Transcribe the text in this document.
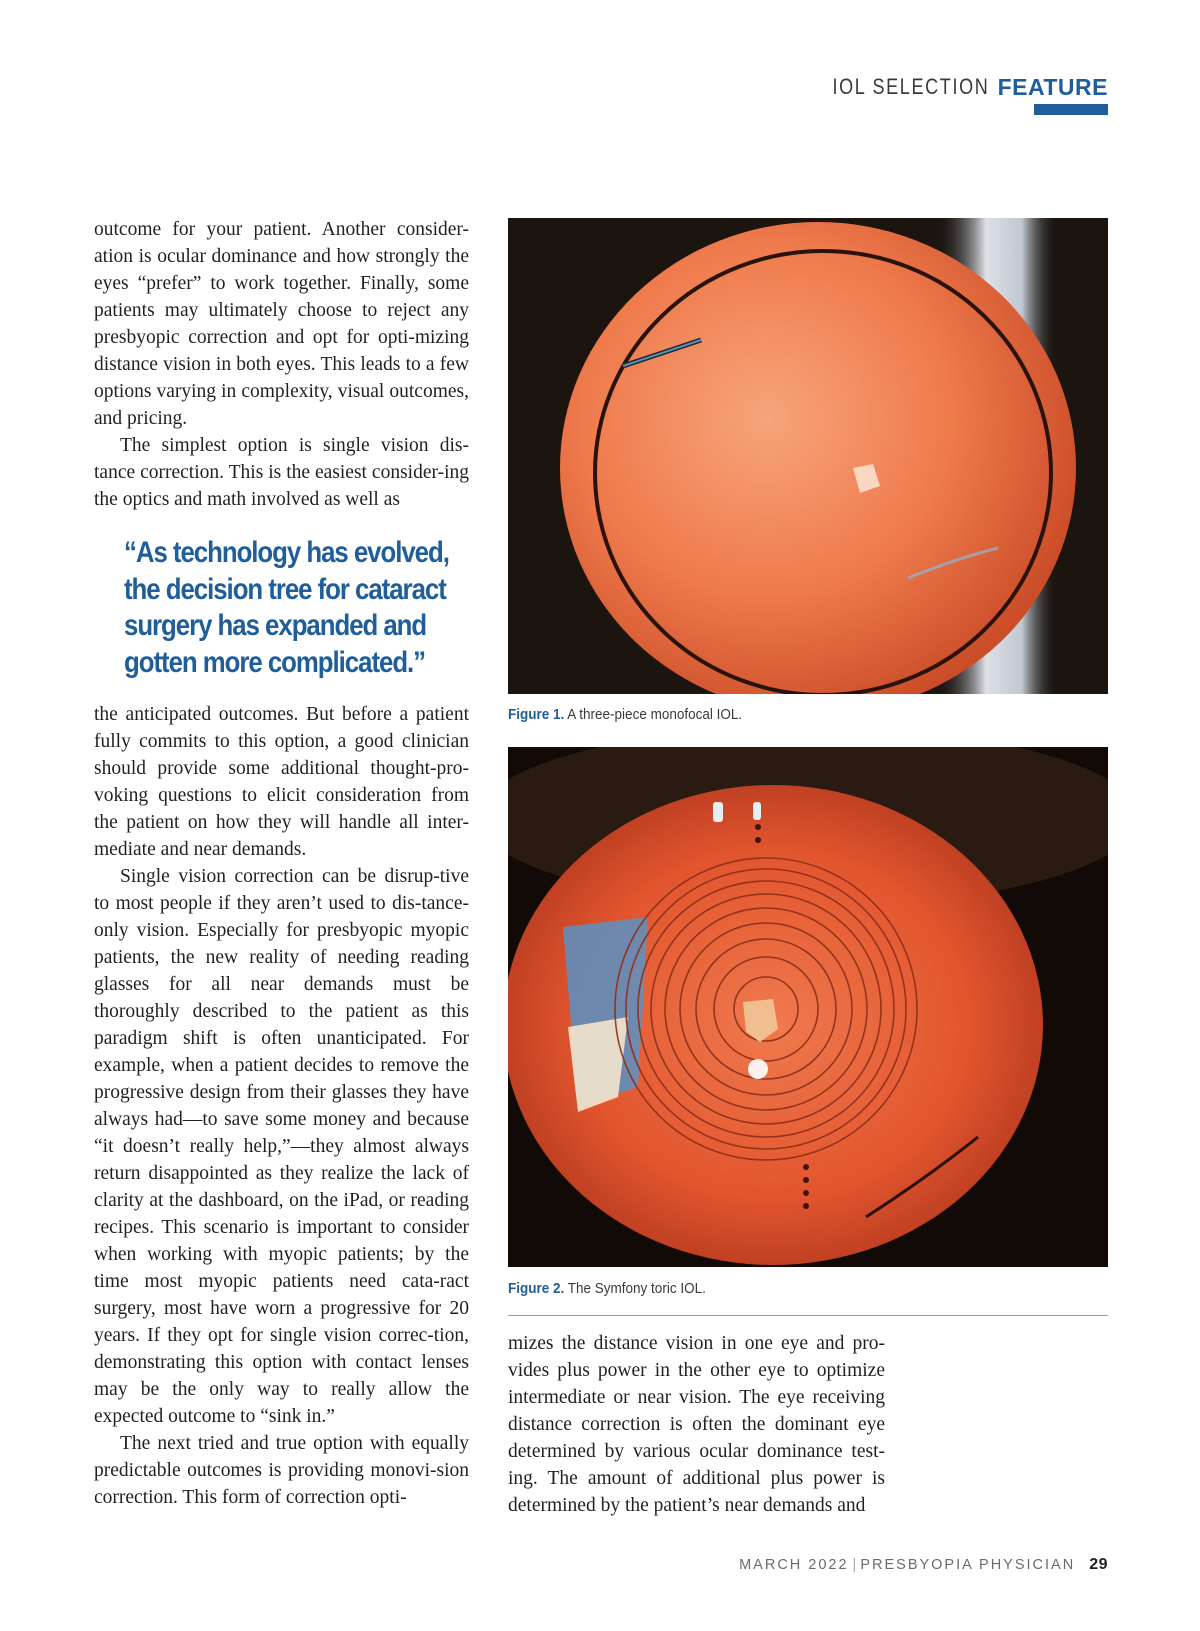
IOL SELECTION FEATURE

outcome for your patient. Another consider-ation is ocular dominance and how strongly the eyes “prefer” to work together. Finally, some patients may ultimately choose to reject any presbyopic correction and opt for opti-mizing distance vision in both eyes. This leads to a few options varying in complexity, visual outcomes, and pricing.

The simplest option is single vision dis-tance correction. This is the easiest consider-ing the optics and math involved as well as

“As technology has evolved,
the decision tree for cataract
surgery has expanded and
gotten more complicated.”

the anticipated outcomes. But before a patient fully commits to this option, a good clinician should provide some additional thought-pro-voking questions to elicit consideration from the patient on how they will handle all inter-mediate and near demands.

Single vision correction can be disrup-tive to most people if they aren’t used to dis-tance-only vision. Especially for presbyopic myopic patients, the new reality of needing reading glasses for all near demands must be thoroughly described to the patient as this paradigm shift is often unanticipated. For example, when a patient decides to remove the progressive design from their glasses they have always had—to save some money and because “it doesn’t really help,”—they almost always return disappointed as they realize the lack of clarity at the dashboard, on the iPad, or reading recipes. This scenario is important to consider when working with myopic patients; by the time most myopic patients need cata-ract surgery, most have worn a progressive for 20 years. If they opt for single vision correc-tion, demonstrating this option with contact lenses may be the only way to really allow the expected outcome to “sink in.”

The next tried and true option with equally predictable outcomes is providing monovi-sion correction. This form of correction opti-

Figure 1. A three-piece monofocal IOL.
Figure 2. The Symfony toric IOL.

mizes the distance vision in one eye and pro-vides plus power in the other eye to optimize intermediate or near vision. The eye receiving distance correction is often the dominant eye determined by various ocular dominance test-ing. The amount of additional plus power is determined by the patient’s near demands and

MARCH 2022 | PRESBYOPIA PHYSICIAN 29
